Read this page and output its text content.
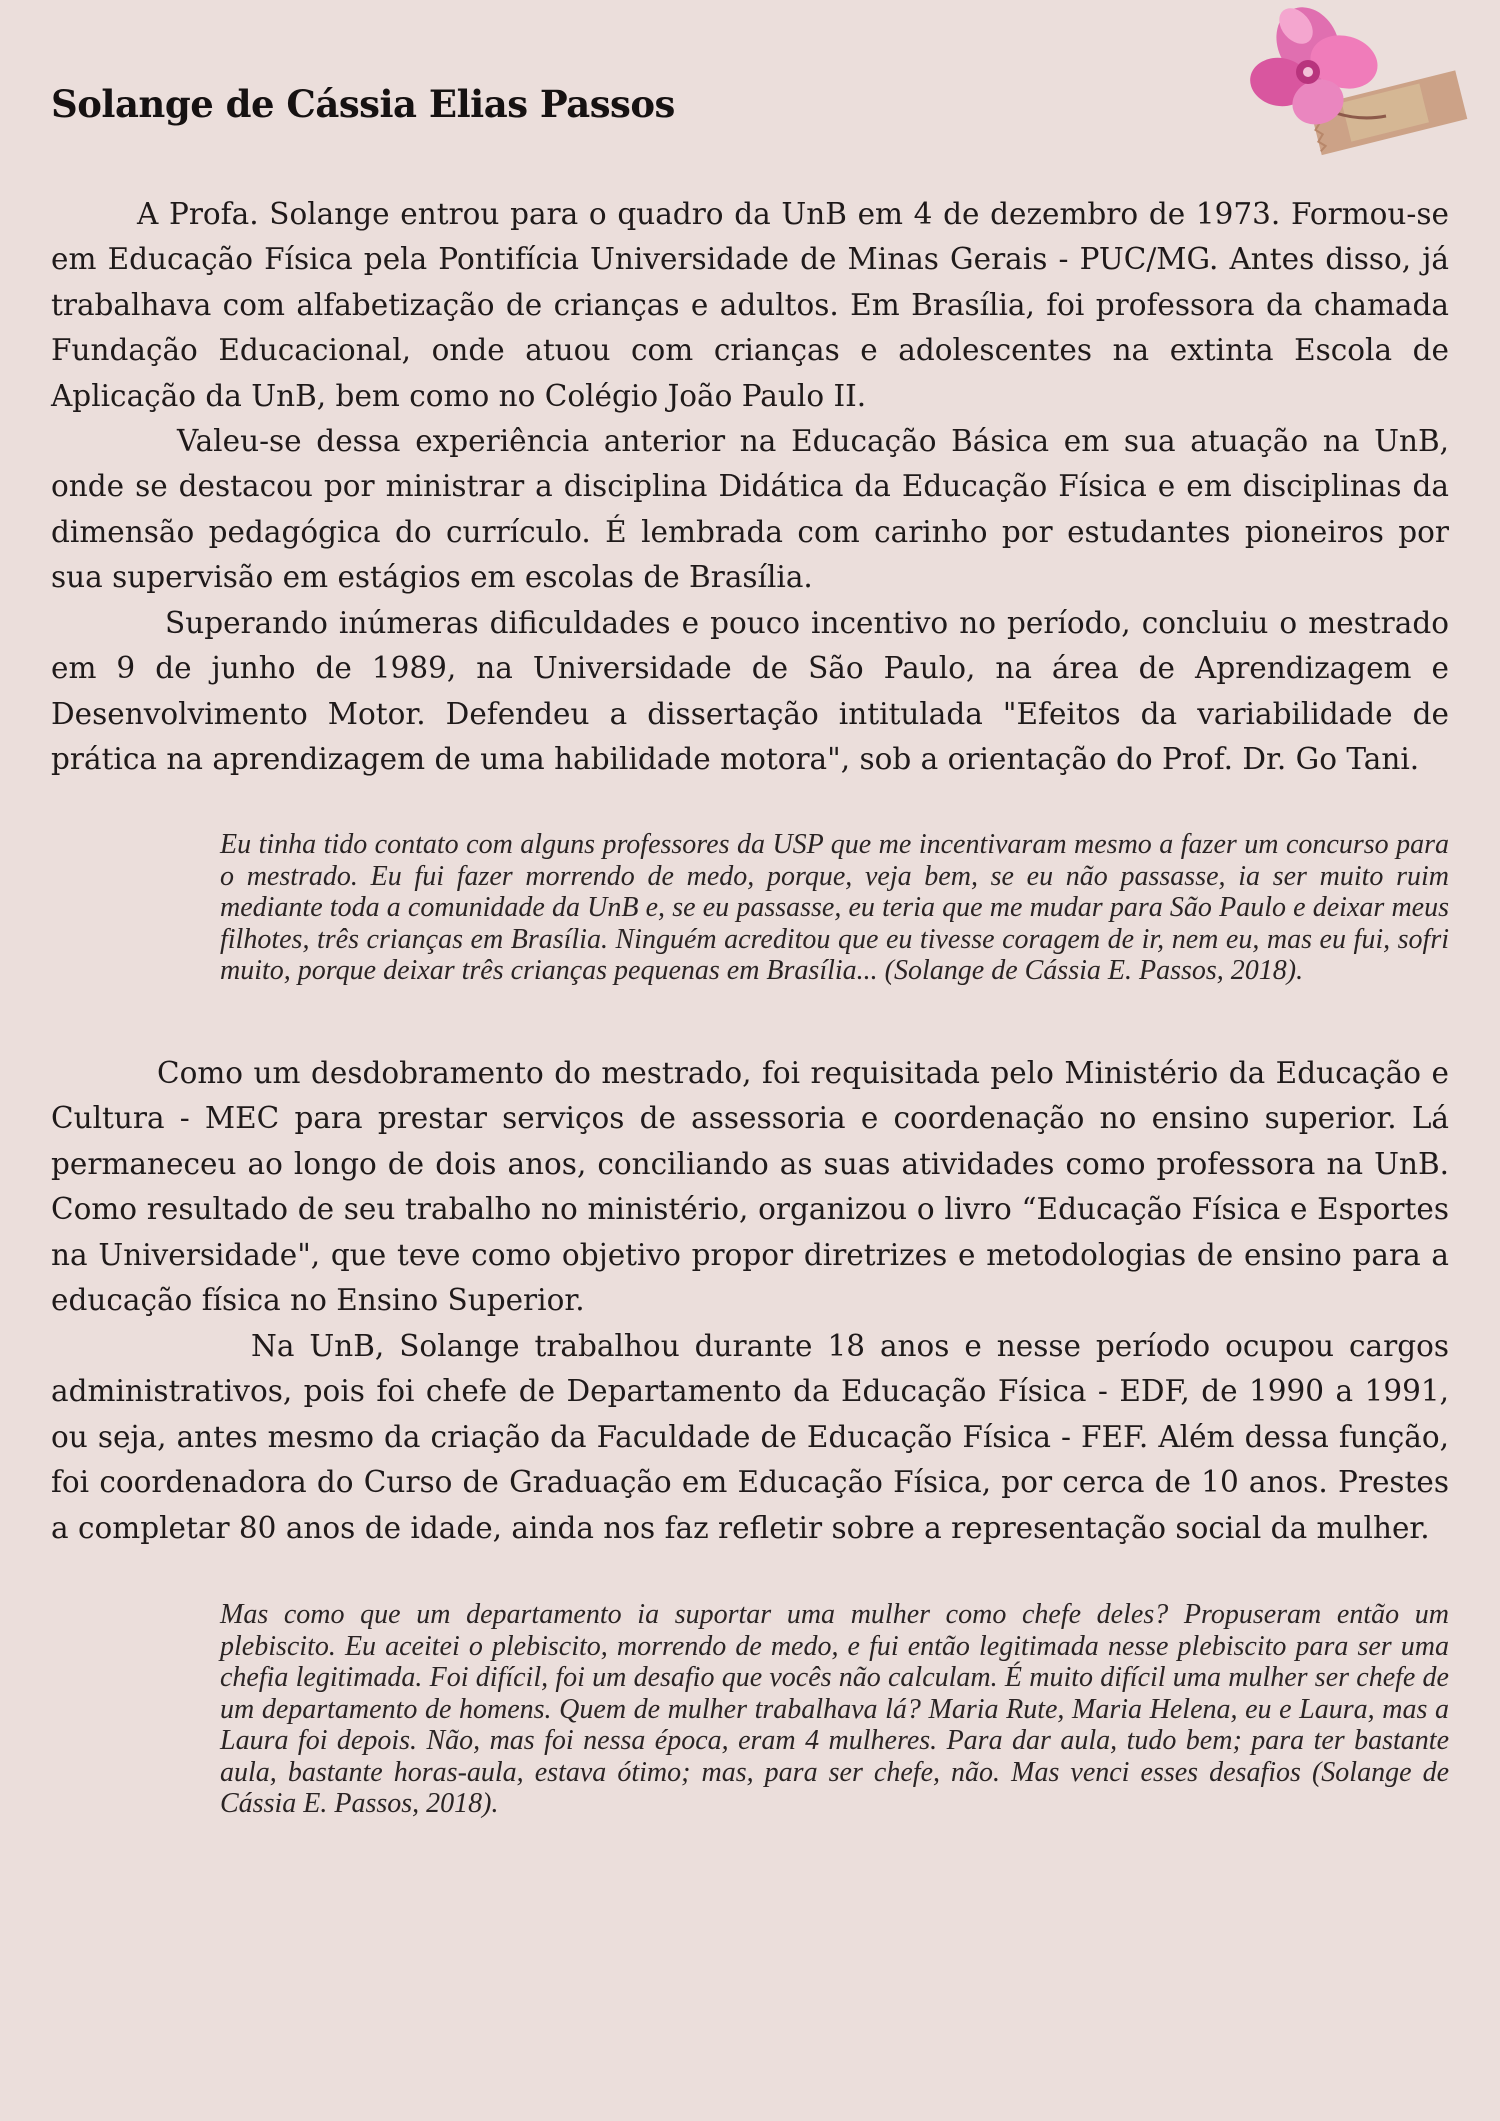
Solange de Cássia Elias Passos

A Profa. Solange entrou para o quadro da UnB em 4 de dezembro de 1973. Formou-se em Educação Física pela Pontifícia Universidade de Minas Gerais - PUC/MG. Antes disso, já trabalhava com alfabetização de crianças e adultos. Em Brasília, foi professora da chamada Fundação Educacional, onde atuou com crianças e adolescentes na extinta Escola de Aplicação da UnB, bem como no Colégio João Paulo II.

Valeu-se dessa experiência anterior na Educação Básica em sua atuação na UnB, onde se destacou por ministrar a disciplina Didática da Educação Física e em disciplinas da dimensão pedagógica do currículo. É lembrada com carinho por estudantes pioneiros por sua supervisão em estágios em escolas de Brasília.

Superando inúmeras dificuldades e pouco incentivo no período, concluiu o mestrado em 9 de junho de 1989, na Universidade de São Paulo, na área de Aprendizagem e Desenvolvimento Motor. Defendeu a dissertação intitulada "Efeitos da variabilidade de prática na aprendizagem de uma habilidade motora", sob a orientação do Prof. Dr. Go Tani.

Eu tinha tido contato com alguns professores da USP que me incentivaram mesmo a fazer um concurso para o mestrado. Eu fui fazer morrendo de medo, porque, veja bem, se eu não passasse, ia ser muito ruim mediante toda a comunidade da UnB e, se eu passasse, eu teria que me mudar para São Paulo e deixar meus filhotes, três crianças em Brasília. Ninguém acreditou que eu tivesse coragem de ir, nem eu, mas eu fui, sofri muito, porque deixar três crianças pequenas em Brasília... (Solange de Cássia E. Passos, 2018).

Como um desdobramento do mestrado, foi requisitada pelo Ministério da Educação e Cultura - MEC para prestar serviços de assessoria e coordenação no ensino superior. Lá permaneceu ao longo de dois anos, conciliando as suas atividades como professora na UnB. Como resultado de seu trabalho no ministério, organizou o livro “Educação Física e Esportes na Universidade", que teve como objetivo propor diretrizes e metodologias de ensino para a educação física no Ensino Superior.

Na UnB, Solange trabalhou durante 18 anos e nesse período ocupou cargos administrativos, pois foi chefe de Departamento da Educação Física - EDF, de 1990 a 1991, ou seja, antes mesmo da criação da Faculdade de Educação Física - FEF. Além dessa função, foi coordenadora do Curso de Graduação em Educação Física, por cerca de 10 anos. Prestes a completar 80 anos de idade, ainda nos faz refletir sobre a representação social da mulher.

Mas como que um departamento ia suportar uma mulher como chefe deles? Propuseram então um plebiscito. Eu aceitei o plebiscito, morrendo de medo, e fui então legitimada nesse plebiscito para ser uma chefia legitimada. Foi difícil, foi um desafio que vocês não calculam. É muito difícil uma mulher ser chefe de um departamento de homens. Quem de mulher trabalhava lá? Maria Rute, Maria Helena, eu e Laura, mas a Laura foi depois. Não, mas foi nessa época, eram 4 mulheres. Para dar aula, tudo bem; para ter bastante aula, bastante horas-aula, estava ótimo; mas, para ser chefe, não. Mas venci esses desafios (Solange de Cássia E. Passos, 2018).
